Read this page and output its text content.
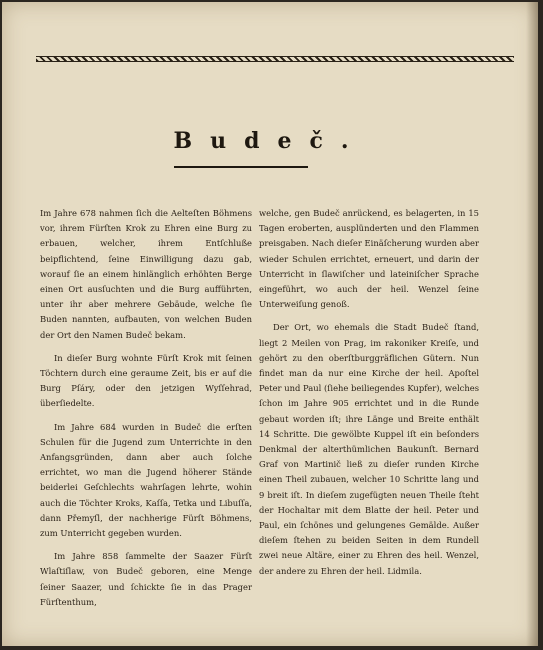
Budeč.

Im Jahre 678 nahmen ſich die Aelteſten Böhmens vor, ihrem Fürſten Krok zu Ehren eine Burg zu erbauen, welcher, ihrem Entſchluße beipflichtend, ſeine Einwilligung dazu gab, worauf ſie an einem hinlänglich erhöhten Berge einen Ort ausſuchten und die Burg aufführten, unter ihr aber mehrere Gebäude, welche ſie Buden nannten, aufbauten, von welchen Buden der Ort den Namen Budeč bekam.

In dieſer Burg wohnte Fürſt Krok mit ſeinen Töchtern durch eine geraume Zeit, bis er auf die Burg Pſáry, oder den jetzigen Wyſſehrad, überſiedelte.

Im Jahre 684 wurden in Budeč die erſten Schulen für die Jugend zum Unterrichte in den Anfangsgründen, dann aber auch ſolche errichtet, wo man die Jugend höherer Stände beiderlei Geſchlechts wahrſagen lehrte, wohin auch die Töchter Kroks, Kaſſa, Tetka und Libuſſa, dann Přemyſl, der nachherige Fürſt Böhmens, zum Unterricht gegeben wurden.

Im Jahre 858 ſammelte der Saazer Fürſt Wlaſtiſlaw, von Budeč geboren, eine Menge ſeiner Saazer, und ſchickte ſie in das Prager Fürſtenthum,

welche, gen Budeč anrückend, es belagerten, in 15 Tagen eroberten, ausplünderten und den Flammen preisgaben. Nach dieſer Einäſcherung wurden aber wieder Schulen errichtet, erneuert, und darin der Unterricht in ſlawiſcher und lateiniſcher Sprache eingeführt, wo auch der heil. Wenzel ſeine Unterweiſung genoß.

Der Ort, wo ehemals die Stadt Budeč ſtand, liegt 2 Meilen von Prag, im rakoniker Kreiſe, und gehört zu den oberſtburggräflichen Gütern. Nun findet man da nur eine Kirche der heil. Apoſtel Peter und Paul (ſiehe beiliegendes Kupfer), welches ſchon im Jahre 905 errichtet und in die Runde gebaut worden iſt; ihre Länge und Breite enthält 14 Schritte. Die gewölbte Kuppel iſt ein beſonders Denkmal der alterthümlichen Baukunſt. Bernard Graf von Martinič ließ zu dieſer runden Kirche einen Theil zubauen, welcher 10 Schritte lang und 9 breit iſt. In dieſem zugefügten neuen Theile ſteht der Hochaltar mit dem Blatte der heil. Peter und Paul, ein ſchönes und gelungenes Gemälde. Außer dieſem ſtehen zu beiden Seiten in dem Rundell zwei neue Altäre, einer zu Ehren des heil. Wenzel, der andere zu Ehren der heil. Lidmila.
